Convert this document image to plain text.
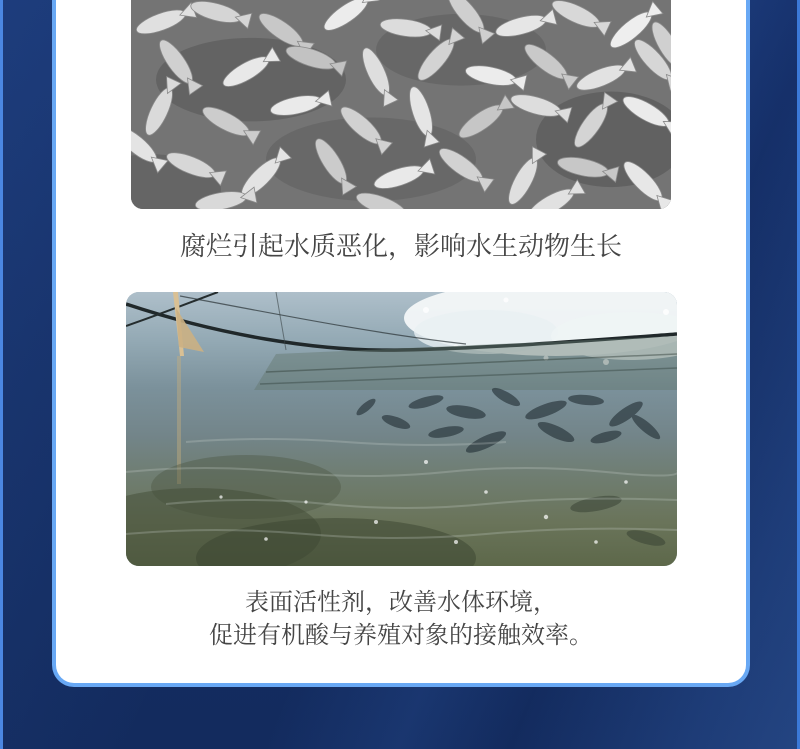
腐烂引起水质恶化，影响水生动物生长

表面活性剂，改善水体环境，
促进有机酸与养殖对象的接触效率。
